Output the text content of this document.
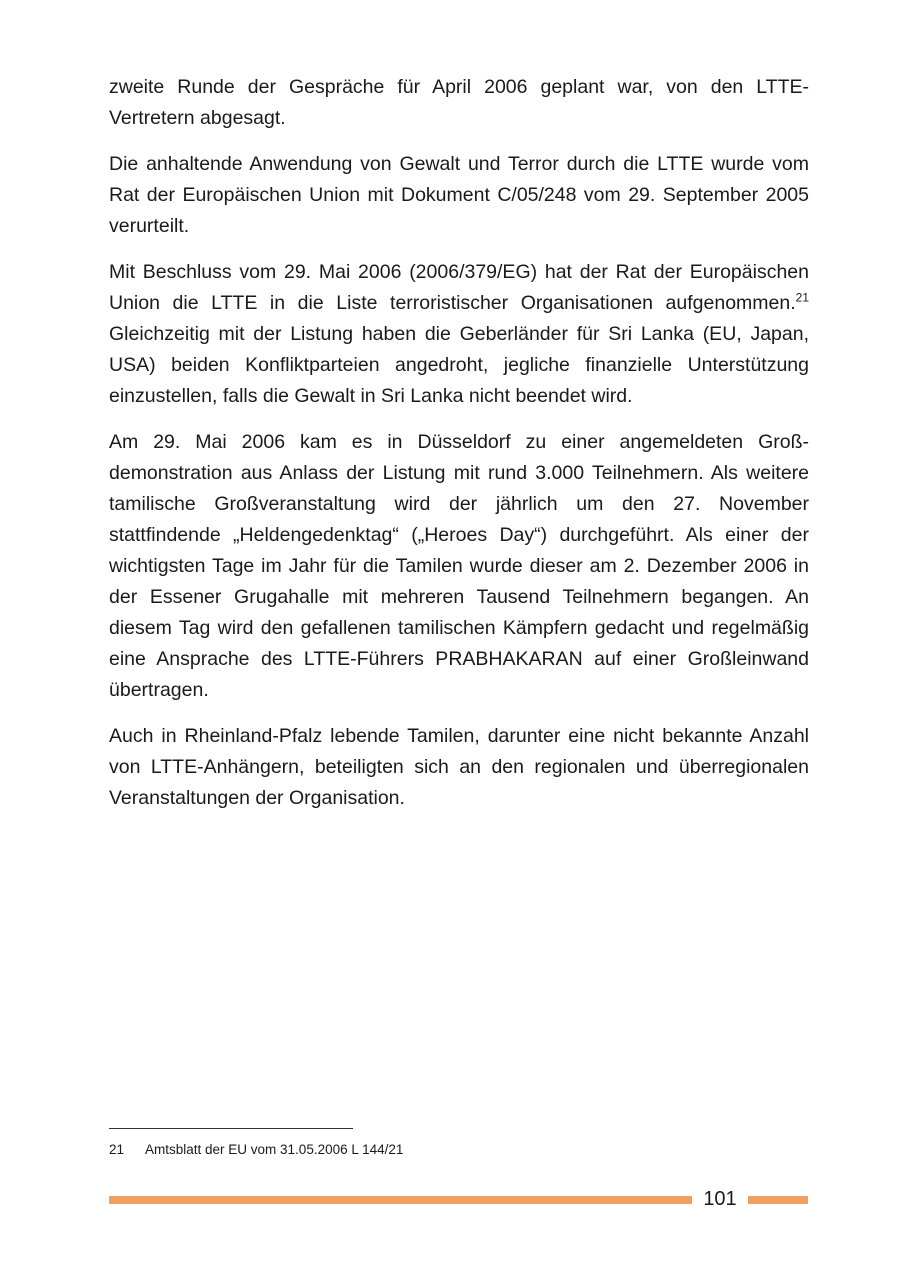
zweite Runde der Gespräche für April 2006 geplant war, von den LTTE-​Vertretern abgesagt.

Die anhaltende Anwendung von Gewalt und Terror durch die LTTE wurde vom Rat der Europäischen Union mit Dokument C/05/248 vom 29. September 2005 verurteilt.

Mit Beschluss vom 29. Mai 2006 (2006/379/EG) hat der Rat der Europäischen Union die LTTE in die Liste terroristischer Organisationen aufgenommen.$^{21}$ Gleichzeitig mit der Listung haben die Geberländer für Sri Lanka (EU, Japan, USA) beiden Konfliktparteien angedroht, jegliche finanzielle Unterstützung einzustellen, falls die Gewalt in Sri Lanka nicht beendet wird.

Am 29. Mai 2006 kam es in Düsseldorf zu einer angemeldeten Großdemonstration aus Anlass der Listung mit rund 3.000 Teilnehmern. Als weitere tamilische Großveranstaltung wird der jährlich um den 27. November stattfindende „Heldengedenktag“ („Heroes Day“) durchgeführt. Als einer der wichtigsten Tage im Jahr für die Tamilen wurde dieser am 2. Dezember 2006 in der Essener Grugahalle mit mehreren Tausend Teilnehmern begangen. An diesem Tag wird den gefallenen tamilischen Kämpfern gedacht und regelmäßig eine Ansprache des LTTE-Führers PRABHAKARAN auf einer Großleinwand übertragen.

Auch in Rheinland-Pfalz lebende Tamilen, darunter eine nicht bekannte Anzahl von LTTE-Anhängern, beteiligten sich an den regionalen und überregionalen Veranstaltungen der Organisation.

21 Amtsblatt der EU vom 31.05.2006 L 144/21
101
